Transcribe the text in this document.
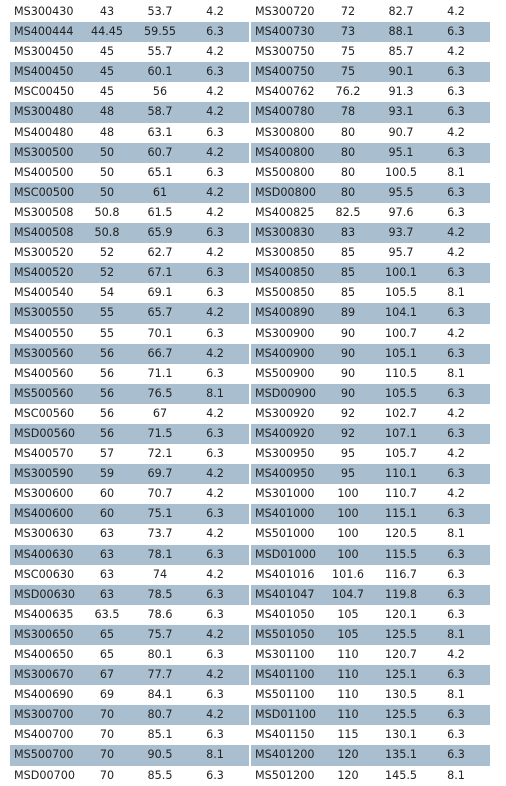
MS300430	43	53.7	4.2
MS400444	44.45	59.55	6.3
MS300450	45	55.7	4.2
MS400450	45	60.1	6.3
MSC00450	45	56	4.2
MS300480	48	58.7	4.2
MS400480	48	63.1	6.3
MS300500	50	60.7	4.2
MS400500	50	65.1	6.3
MSC00500	50	61	4.2
MS300508	50.8	61.5	4.2
MS400508	50.8	65.9	6.3
MS300520	52	62.7	4.2
MS400520	52	67.1	6.3
MS400540	54	69.1	6.3
MS300550	55	65.7	4.2
MS400550	55	70.1	6.3
MS300560	56	66.7	4.2
MS400560	56	71.1	6.3
MS500560	56	76.5	8.1
MSC00560	56	67	4.2
MSD00560	56	71.5	6.3
MS400570	57	72.1	6.3
MS300590	59	69.7	4.2
MS300600	60	70.7	4.2
MS400600	60	75.1	6.3
MS300630	63	73.7	4.2
MS400630	63	78.1	6.3
MSC00630	63	74	4.2
MSD00630	63	78.5	6.3
MS400635	63.5	78.6	6.3
MS300650	65	75.7	4.2
MS400650	65	80.1	6.3
MS300670	67	77.7	4.2
MS400690	69	84.1	6.3
MS300700	70	80.7	4.2
MS400700	70	85.1	6.3
MS500700	70	90.5	8.1
MSD00700	70	85.5	6.3
MS300720	72	82.7	4.2
MS400730	73	88.1	6.3
MS300750	75	85.7	4.2
MS400750	75	90.1	6.3
MS400762	76.2	91.3	6.3
MS400780	78	93.1	6.3
MS300800	80	90.7	4.2
MS400800	80	95.1	6.3
MS500800	80	100.5	8.1
MSD00800	80	95.5	6.3
MS400825	82.5	97.6	6.3
MS300830	83	93.7	4.2
MS300850	85	95.7	4.2
MS400850	85	100.1	6.3
MS500850	85	105.5	8.1
MS400890	89	104.1	6.3
MS300900	90	100.7	4.2
MS400900	90	105.1	6.3
MS500900	90	110.5	8.1
MSD00900	90	105.5	6.3
MS300920	92	102.7	4.2
MS400920	92	107.1	6.3
MS300950	95	105.7	4.2
MS400950	95	110.1	6.3
MS301000	100	110.7	4.2
MS401000	100	115.1	6.3
MS501000	100	120.5	8.1
MSD01000	100	115.5	6.3
MS401016	101.6	116.7	6.3
MS401047	104.7	119.8	6.3
MS401050	105	120.1	6.3
MS501050	105	125.5	8.1
MS301100	110	120.7	4.2
MS401100	110	125.1	6.3
MS501100	110	130.5	8.1
MSD01100	110	125.5	6.3
MS401150	115	130.1	6.3
MS401200	120	135.1	6.3
MS501200	120	145.5	8.1
